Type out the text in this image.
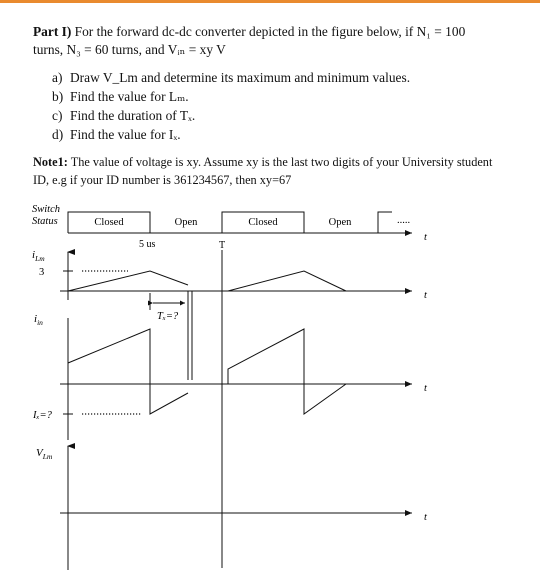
Part I) For the forward dc-dc converter depicted in the figure below, if N₁ = 100
turns, N₃ = 60 turns, and Vᵢₙ = xy V
a) Draw V_Lm and determine its maximum and minimum values.
b) Find the value for Lₘ.
c) Find the duration of Tₓ.
d) Find the value for Iₓ.
Note1: The value of voltage is xy. Assume xy is the last two digits of your University student
ID, e.g if your ID number is 361234567, then xy=67
Switch
Status	Closed	Open	Closed	Open	.....
t
5 us	T
$i_{Lm}$
t
3
Tₓ=?
$i_{in}$
t
Iₓ=?
$V_{Lm}$
t
